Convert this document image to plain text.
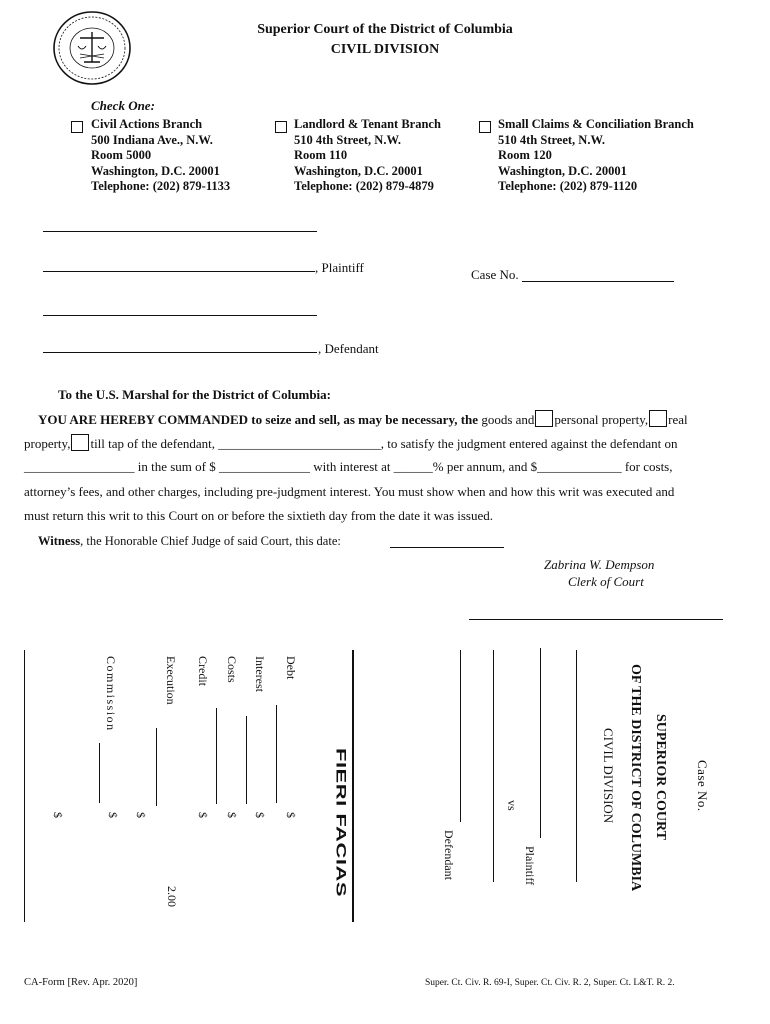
Superior Court of the District of Columbia
CIVIL DIVISION
Check One:
Civil Actions Branch
500 Indiana Ave., N.W.
Room 5000
Washington, D.C. 20001
Telephone: (202) 879-1133
Landlord & Tenant Branch
510 4th Street, N.W.
Room 110
Washington, D.C. 20001
Telephone: (202) 879-4879
Small Claims & Conciliation Branch
510 4th Street, N.W.
Room 120
Washington, D.C. 20001
Telephone: (202) 879-1120
, Plaintiff	Case No.
, Defendant
To the U.S. Marshal for the District of Columbia:
YOU ARE HEREBY COMMANDED to seize and sell, as may be necessary, the goods and personal property, real
property, till tap of the defendant, _________________________, to satisfy the judgment entered against the defendant on
_________________ in the sum of $ ______________ with interest at ______% per annum, and $_____________ for costs,
attorney’s fees, and other charges, including pre-judgment interest. You must show when and how this writ was executed and
must return this writ to this Court on or before the sixtieth day from the date it was issued.
Witness, the Honorable Chief Judge of said Court, this date:
Zabrina W. Dempson
Clerk of Court
Case No.
SUPERIOR COURT
OF THE DISTRICT OF COLUMBIA
CIVIL DIVISION
Plaintiff
vs
Defendant
FIERI FACIAS
Debt
$
Interest
$
Costs
$
Credit
$
Execution
$
2.00
Commission
$
$
CA-Form [Rev. Apr. 2020]	Super. Ct. Civ. R. 69-I, Super. Ct. Civ. R. 2, Super. Ct. L&T. R. 2.
